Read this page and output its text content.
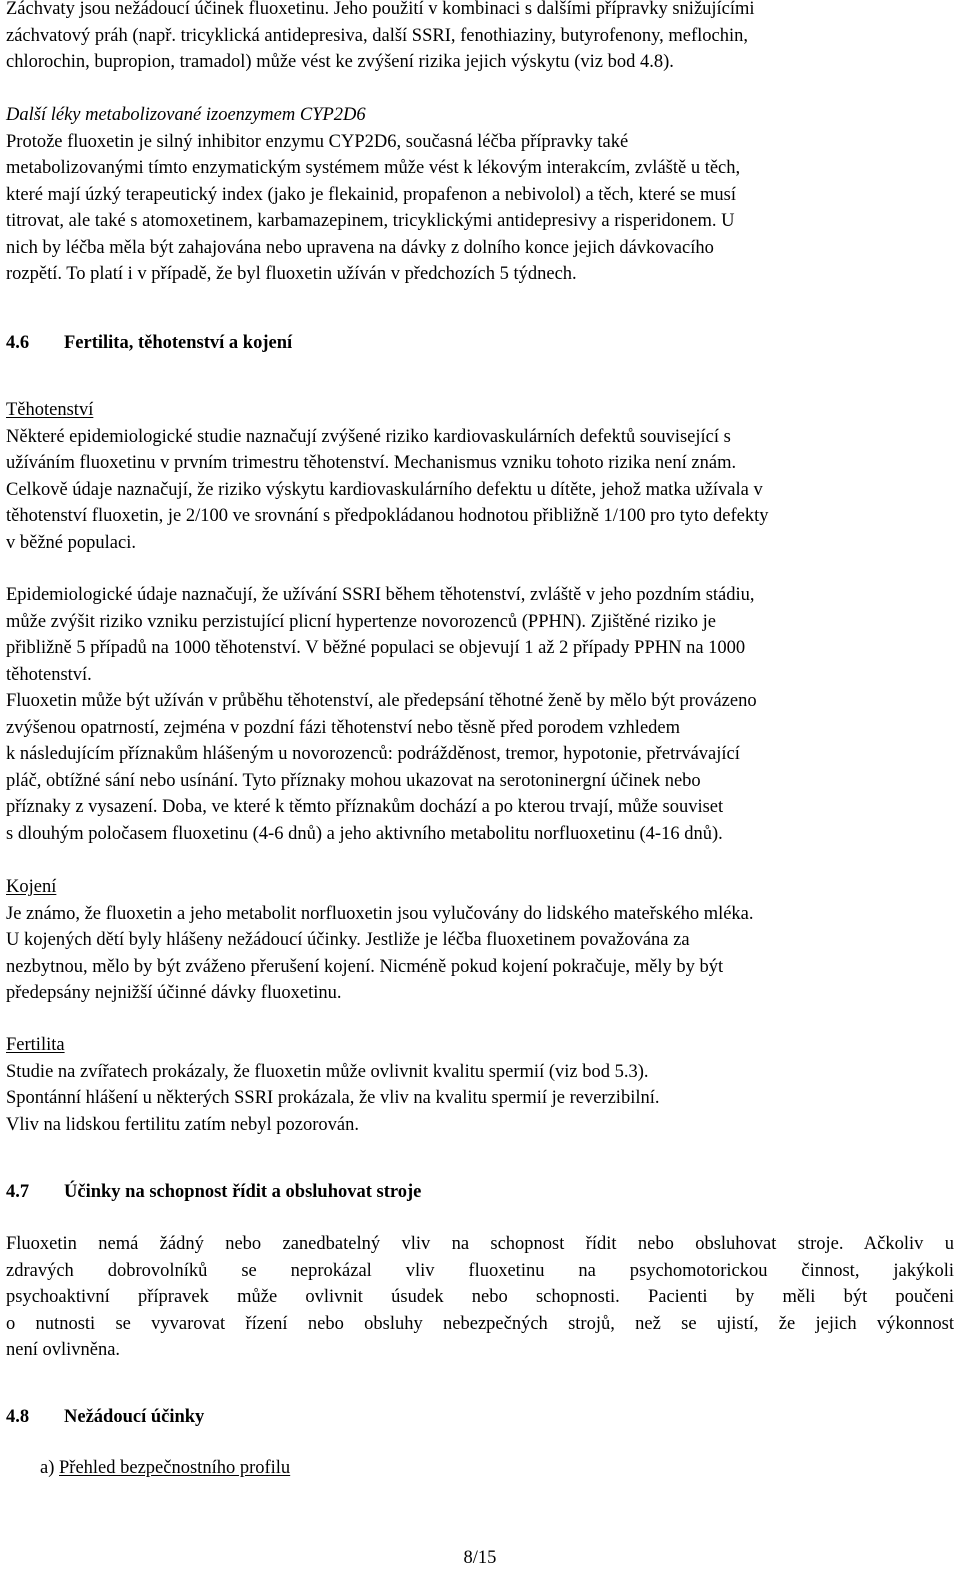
Záchvaty jsou nežádoucí účinek fluoxetinu. Jeho použití v kombinaci s dalšími přípravky snižujícími
záchvatový práh (např. tricyklická antidepresiva, další SSRI, fenothiaziny, butyrofenony, meflochin,
chlorochin, bupropion, tramadol) může vést ke zvýšení rizika jejich výskytu (viz bod 4.8).
Další léky metabolizované izoenzymem CYP2D6
Protože fluoxetin je silný inhibitor enzymu CYP2D6, současná léčba přípravky také
metabolizovanými tímto enzymatickým systémem může vést k lékovým interakcím, zvláště u těch,
které mají úzký terapeutický index (jako je flekainid, propafenon a nebivolol) a těch, které se musí
titrovat, ale také s atomoxetinem, karbamazepinem, tricyklickými antidepresivy a risperidonem. U
nich by léčba měla být zahajována nebo upravena na dávky z dolního konce jejich dávkovacího
rozpětí. To platí i v případě, že byl fluoxetin užíván v předchozích 5 týdnech.
4.6 Fertilita, těhotenství a kojení
Těhotenství
Některé epidemiologické studie naznačují zvýšené riziko kardiovaskulárních defektů související s
užíváním fluoxetinu v prvním trimestru těhotenství. Mechanismus vzniku tohoto rizika není znám.
Celkově údaje naznačují, že riziko výskytu kardiovaskulárního defektu u dítěte, jehož matka užívala v
těhotenství fluoxetin, je 2/100 ve srovnání s předpokládanou hodnotou přibližně 1/100 pro tyto defekty
v běžné populaci.
Epidemiologické údaje naznačují, že užívání SSRI během těhotenství, zvláště v jeho pozdním stádiu,
může zvýšit riziko vzniku perzistující plicní hypertenze novorozenců (PPHN). Zjištěné riziko je
přibližně 5 případů na 1000 těhotenství. V běžné populaci se objevují 1 až 2 případy PPHN na 1000
těhotenství.
Fluoxetin může být užíván v průběhu těhotenství, ale předepsání těhotné ženě by mělo být provázeno
zvýšenou opatrností, zejména v pozdní fázi těhotenství nebo těsně před porodem vzhledem
k následujícím příznakům hlášeným u novorozenců: podrážděnost, tremor, hypotonie, přetrvávající
pláč, obtížné sání nebo usínání. Tyto příznaky mohou ukazovat na serotoninergní účinek nebo
příznaky z vysazení. Doba, ve které k těmto příznakům dochází a po kterou trvají, může souviset
s dlouhým poločasem fluoxetinu (4-6 dnů) a jeho aktivního metabolitu norfluoxetinu (4-16 dnů).
Kojení
Je známo, že fluoxetin a jeho metabolit norfluoxetin jsou vylučovány do lidského mateřského mléka.
U kojených dětí byly hlášeny nežádoucí účinky. Jestliže je léčba fluoxetinem považována za
nezbytnou, mělo by být zváženo přerušení kojení. Nicméně pokud kojení pokračuje, měly by být
předepsány nejnižší účinné dávky fluoxetinu.
Fertilita
Studie na zvířatech prokázaly, že fluoxetin může ovlivnit kvalitu spermií (viz bod 5.3).
Spontánní hlášení u některých SSRI prokázala, že vliv na kvalitu spermií je reverzibilní.
Vliv na lidskou fertilitu zatím nebyl pozorován.
4.7 Účinky na schopnost řídit a obsluhovat stroje
Fluoxetin nemá žádný nebo zanedbatelný vliv na schopnost řídit nebo obsluhovat stroje. Ačkoliv u
zdravých dobrovolníků se neprokázal vliv fluoxetinu na psychomotorickou činnost, jakýkoli
psychoaktivní přípravek může ovlivnit úsudek nebo schopnosti. Pacienti by měli být poučeni
o nutnosti se vyvarovat řízení nebo obsluhy nebezpečných strojů, než se ujistí, že jejich výkonnost
není ovlivněna.
4.8 Nežádoucí účinky
a) Přehled bezpečnostního profilu
8/15
